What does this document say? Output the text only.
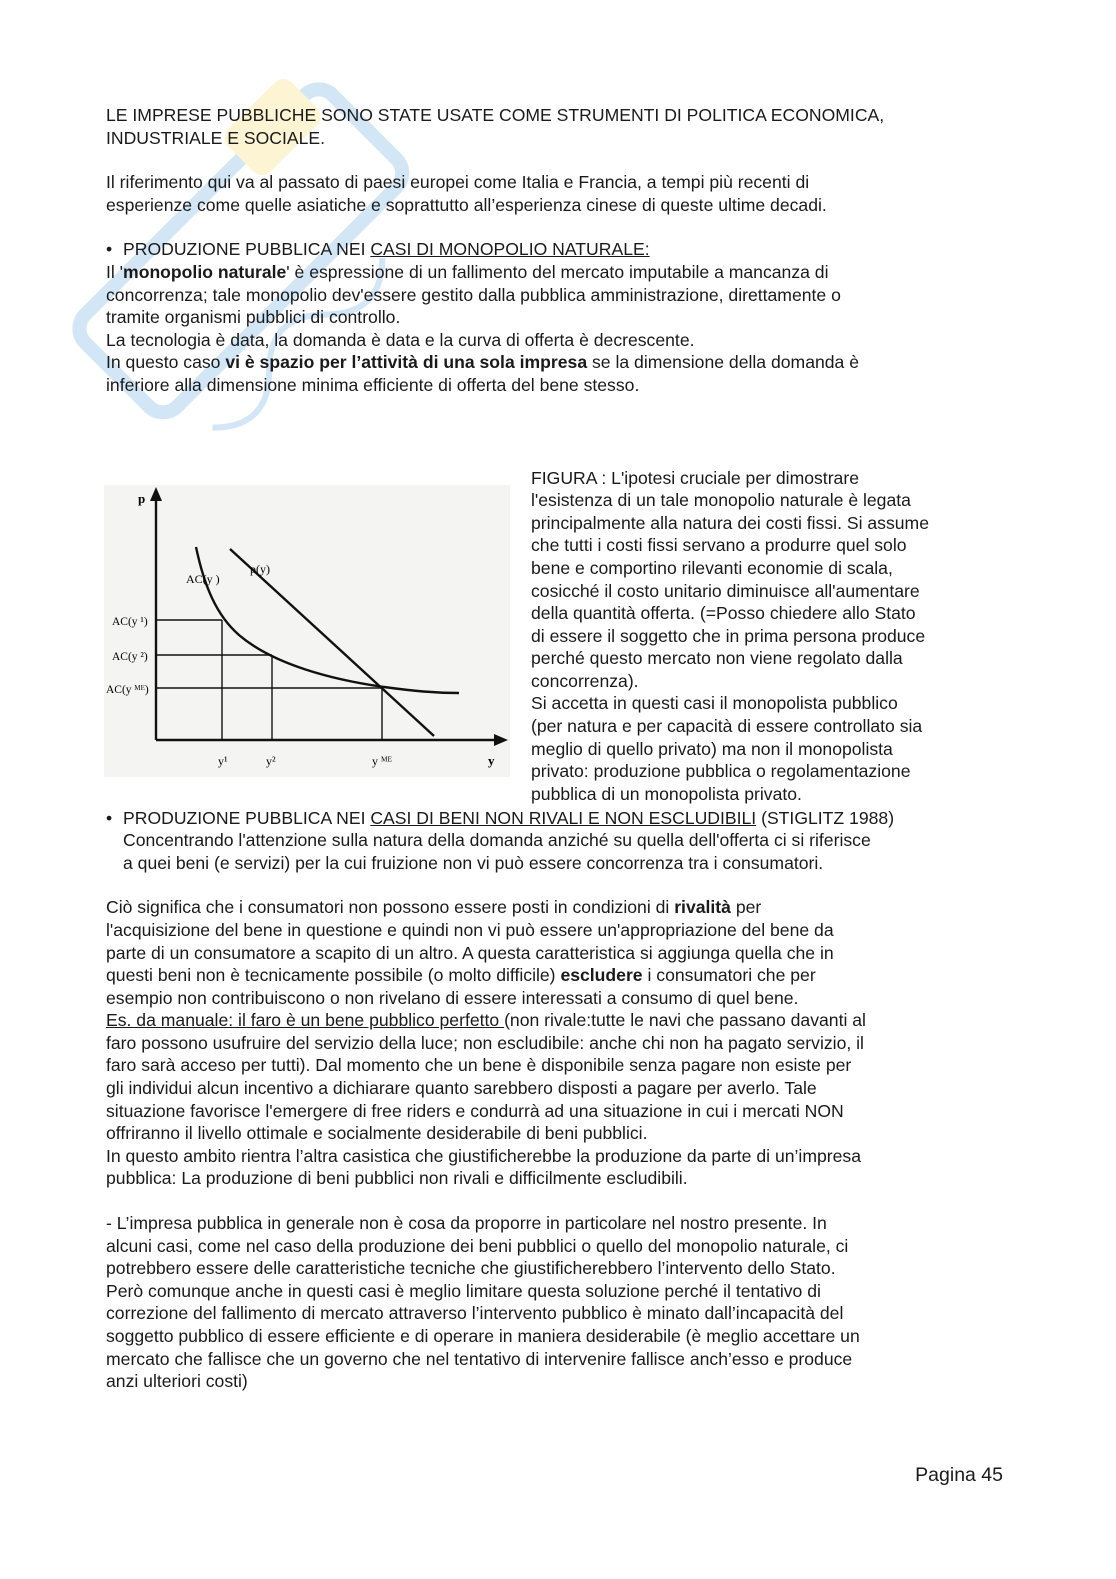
LE IMPRESE PUBBLICHE SONO STATE USATE COME STRUMENTI DI POLITICA ECONOMICA,
INDUSTRIALE E SOCIALE.

Il riferimento qui va al passato di paesi europei come Italia e Francia, a tempi più recenti di
esperienze come quelle asiatiche e soprattutto all’esperienza cinese di queste ultime decadi.

• PRODUZIONE PUBBLICA NEI CASI DI MONOPOLIO NATURALE:

Il 'monopolio naturale' è espressione di un fallimento del mercato imputabile a mancanza di
concorrenza; tale monopolio dev'essere gestito dalla pubblica amministrazione, direttamente o
tramite organismi pubblici di controllo.
La tecnologia è data, la domanda è data e la curva di offerta è decrescente.
In questo caso vi è spazio per l’attività di una sola impresa se la dimensione della domanda è
inferiore alla dimensione minima efficiente di offerta del bene stesso.

p
y
AC(y )
p(y)
AC(y ¹)
AC(y ²)
AC(y ᴹᴱ)
y¹	y²	y ᴹᴱ

FIGURA : L'ipotesi cruciale per dimostrare

l'esistenza di un tale monopolio naturale è legata

principalmente alla natura dei costi fissi. Si assume

che tutti i costi fissi servano a produrre quel solo

bene e comportino rilevanti economie di scala,

cosicché il costo unitario diminuisce all'aumentare

della quantità offerta. (=Posso chiedere allo Stato

di essere il soggetto che in prima persona produce

perché questo mercato non viene regolato dalla

concorrenza).

Si accetta in questi casi il monopolista pubblico

(per natura e per capacità di essere controllato sia

meglio di quello privato) ma non il monopolista

privato: produzione pubblica o regolamentazione

pubblica di un monopolista privato.

• PRODUZIONE PUBBLICA NEI CASI DI BENI NON RIVALI E NON ESCLUDIBILI (STIGLITZ 1988)
Concentrando l'attenzione sulla natura della domanda anziché su quella dell'offerta ci si riferisce
a quei beni (e servizi) per la cui fruizione non vi può essere concorrenza tra i consumatori.

Ciò significa che i consumatori non possono essere posti in condizioni di rivalità per
l'acquisizione del bene in questione e quindi non vi può essere un'appropriazione del bene da
parte di un consumatore a scapito di un altro. A questa caratteristica si aggiunga quella che in
questi beni non è tecnicamente possibile (o molto difficile) escludere i consumatori che per
esempio non contribuiscono o non rivelano di essere interessati a consumo di quel bene.
Es. da manuale: il faro è un bene pubblico perfetto (non rivale:tutte le navi che passano davanti al
faro possono usufruire del servizio della luce; non escludibile: anche chi non ha pagato servizio, il
faro sarà acceso per tutti). Dal momento che un bene è disponibile senza pagare non esiste per
gli individui alcun incentivo a dichiarare quanto sarebbero disposti a pagare per averlo. Tale
situazione favorisce l'emergere di free riders e condurrà ad una situazione in cui i mercati NON
offriranno il livello ottimale e socialmente desiderabile di beni pubblici.
In questo ambito rientra l’altra casistica che giustificherebbe la produzione da parte di un’impresa
pubblica: La produzione di beni pubblici non rivali e difficilmente escludibili.

- L’impresa pubblica in generale non è cosa da proporre in particolare nel nostro presente. In
alcuni casi, come nel caso della produzione dei beni pubblici o quello del monopolio naturale, ci
potrebbero essere delle caratteristiche tecniche che giustificherebbero l’intervento dello Stato.
Però comunque anche in questi casi è meglio limitare questa soluzione perché il tentativo di
correzione del fallimento di mercato attraverso l’intervento pubblico è minato dall’incapacità del
soggetto pubblico di essere efficiente e di operare in maniera desiderabile (è meglio accettare un
mercato che fallisce che un governo che nel tentativo di intervenire fallisce anch’esso e produce
anzi ulteriori costi)

Pagina 45
